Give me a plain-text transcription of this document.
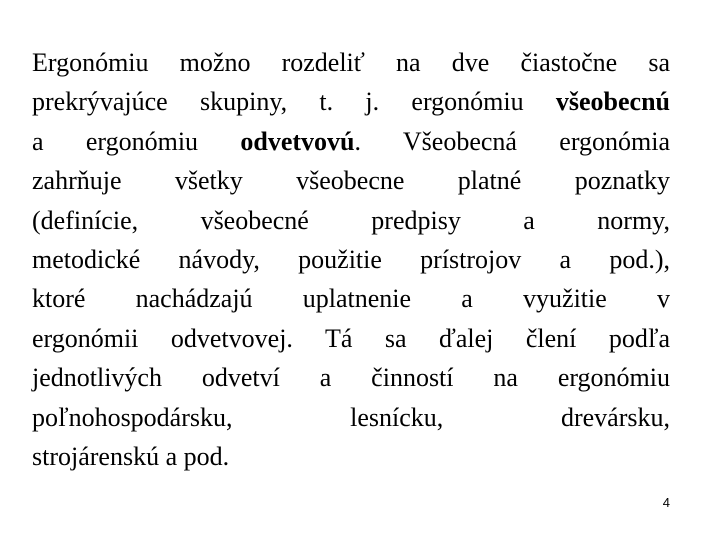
Ergonómiu možno rozdeliť na dve čiastočne sa
prekrývajúce skupiny, t. j. ergonómiu všeobecnú
a ergonómiu odvetvovú. Všeobecná ergonómia
zahrňuje všetky všeobecne platné poznatky
(definície, všeobecné predpisy a normy,
metodické návody, použitie prístrojov a pod.),
ktoré nachádzajú uplatnenie a využitie v
ergonómii odvetvovej. Tá sa ďalej člení podľa
jednotlivých odvetví a činností na ergonómiu
poľnohospodársku, lesnícku, drevársku,
strojárenskú a pod.

4
